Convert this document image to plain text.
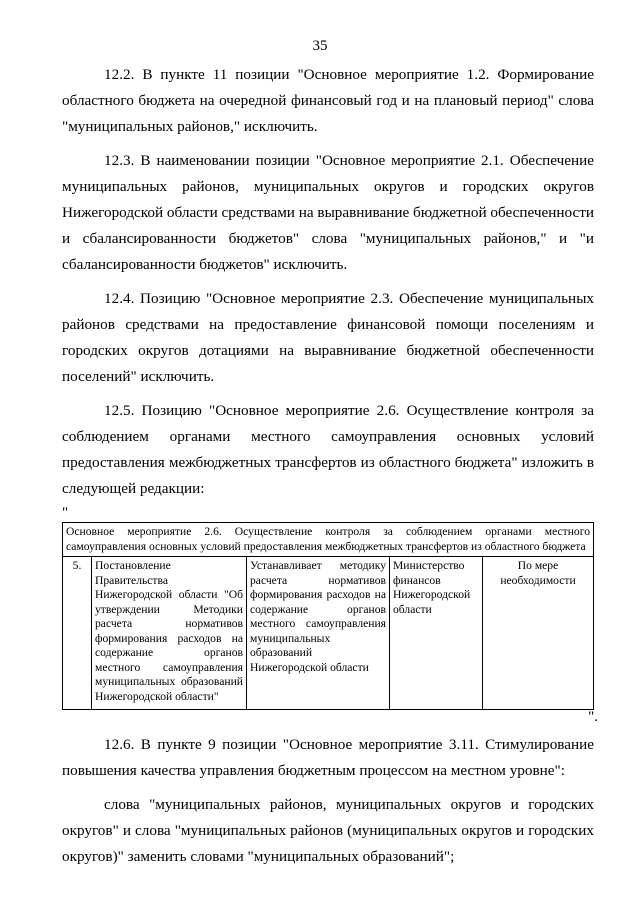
35

12.2. В пункте 11 позиции "Основное мероприятие 1.2. Формирование областного бюджета на очередной финансовый год и на плановый период" слова "муниципальных районов," исключить.

12.3. В наименовании позиции "Основное мероприятие 2.1. Обеспечение муниципальных районов, муниципальных округов и городских округов Нижегородской области средствами на выравнивание бюджетной обеспеченности и сбалансированности бюджетов" слова "муниципальных районов," и "и сбалансированности бюджетов" исключить.

12.4. Позицию "Основное мероприятие 2.3. Обеспечение муниципальных районов средствами на предоставление финансовой помощи поселениям и городских округов дотациями на выравнивание бюджетной обеспеченности поселений" исключить.

12.5. Позицию "Основное мероприятие 2.6. Осуществление контроля за соблюдением органами местного самоуправления основных условий предоставления межбюджетных трансфертов из областного бюджета" изложить в следующей редакции:

"
Основное мероприятие 2.6. Осуществление контроля за соблюдением органами местного самоуправления основных условий предоставления межбюджетных трансфертов из областного бюджета
5.	Постановление Правительства Нижегородской области "Об утверждении Методики расчета нормативов формирования расходов на содержание органов местного самоуправления муниципальных образований Нижегородской области"	Устанавливает методику расчета нормативов формирования расходов на содержание органов местного самоуправления муниципальных образований Нижегородской области	Министерство финансов Нижегородской области	По мере необходимости
".

12.6. В пункте 9 позиции "Основное мероприятие 3.11. Стимулирование повышения качества управления бюджетным процессом на местном уровне":

слова "муниципальных районов, муниципальных округов и городских округов" и слова "муниципальных районов (муниципальных округов и городских округов)" заменить словами "муниципальных образований";
